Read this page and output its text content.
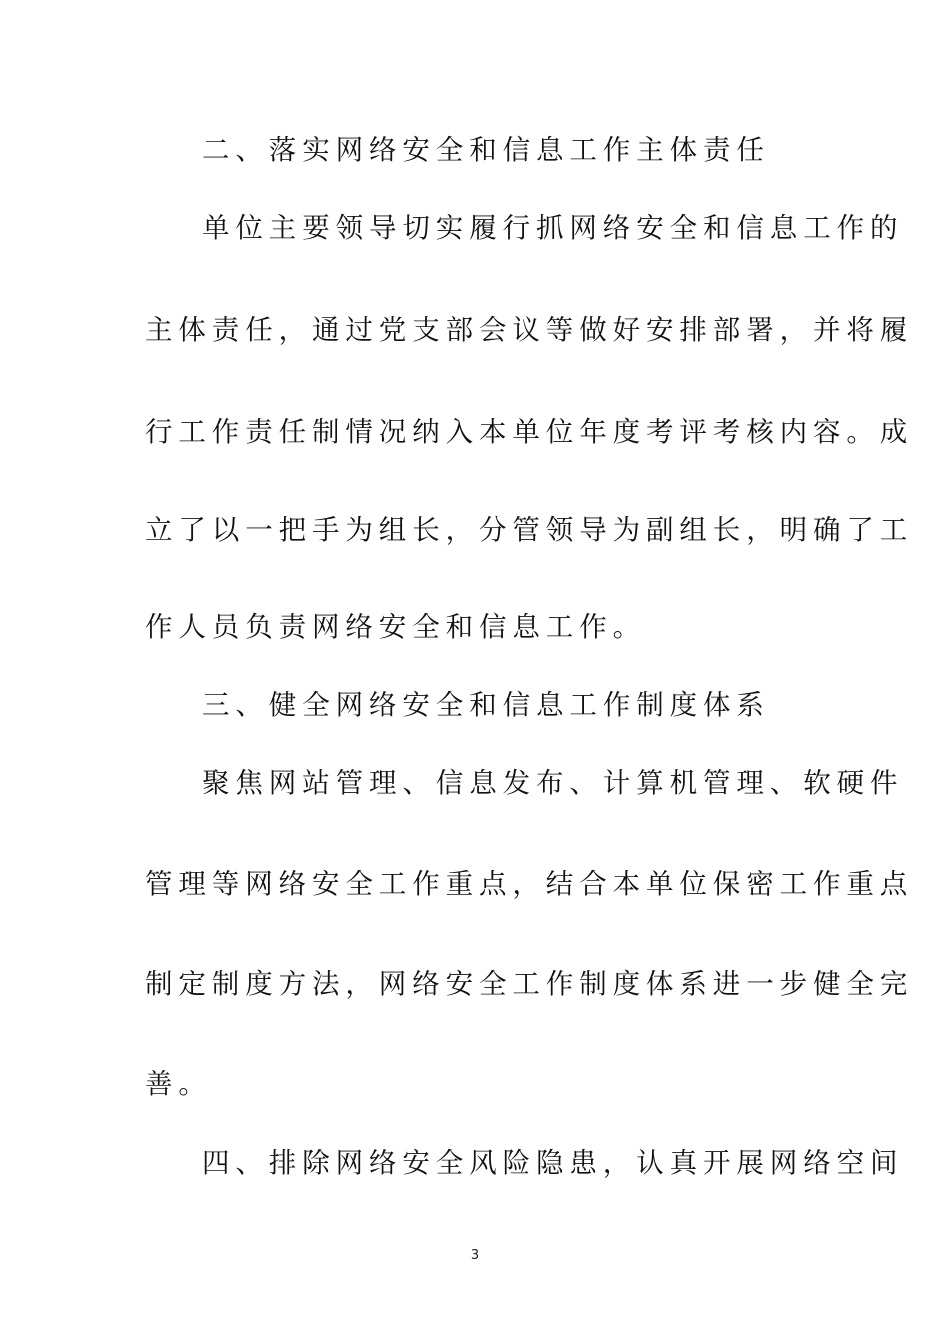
二、落实网络安全和信息工作主体责任
单位主要领导切实履行抓网络安全和信息工作的
主体责任，通过党支部会议等做好安排部署，并将履
行工作责任制情况纳入本单位年度考评考核内容。成
立了以一把手为组长，分管领导为副组长，明确了工
作人员负责网络安全和信息工作。
三、健全网络安全和信息工作制度体系
聚焦网站管理、信息发布、计算机管理、软硬件
管理等网络安全工作重点，结合本单位保密工作重点
制定制度方法，网络安全工作制度体系进一步健全完
善。
四、排除网络安全风险隐患，认真开展网络空间
3
